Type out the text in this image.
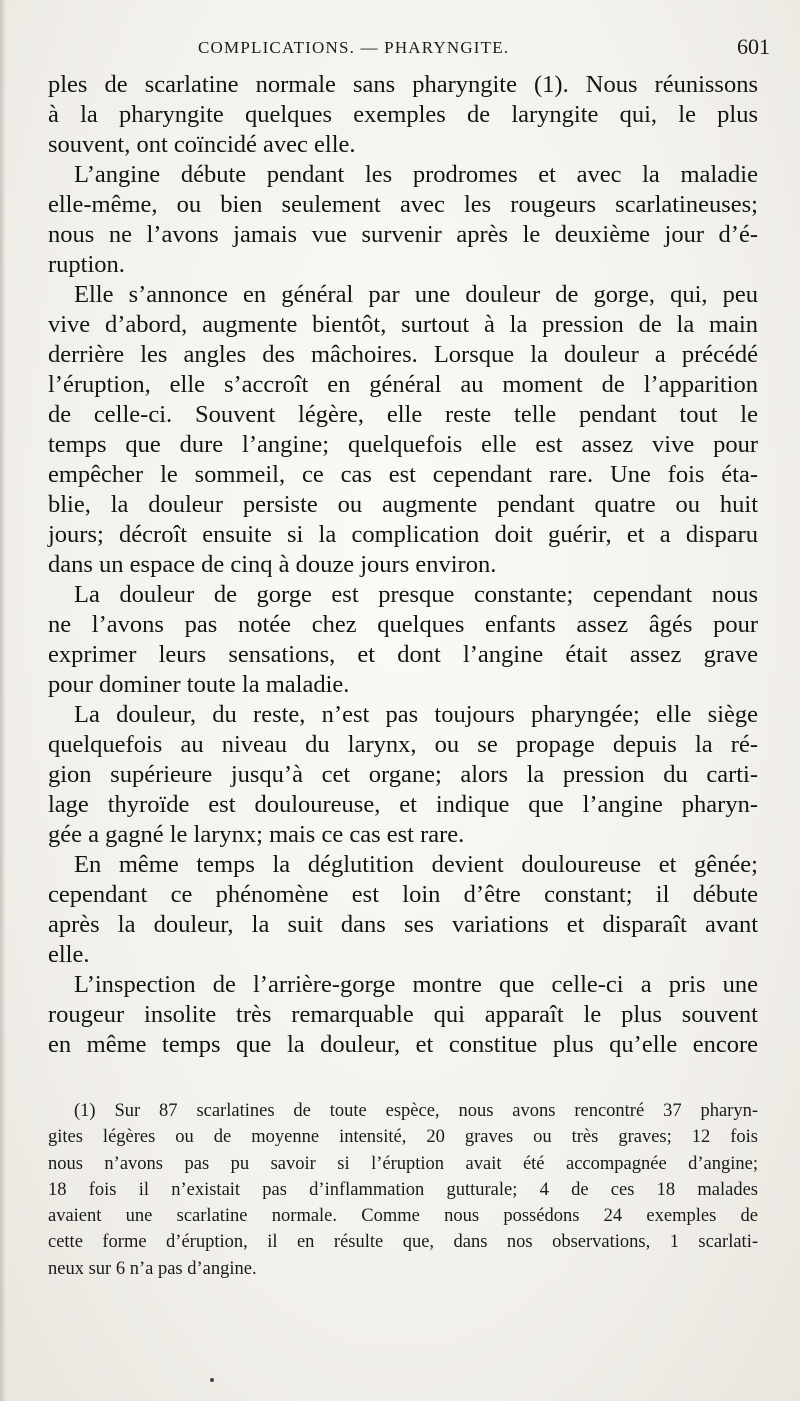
COMPLICATIONS. — PHARYNGITE.	601
ples de scarlatine normale sans pharyngite (1). Nous réunissons
à la pharyngite quelques exemples de laryngite qui, le plus
souvent, ont coïncidé avec elle.
L’angine débute pendant les prodromes et avec la maladie
elle-même, ou bien seulement avec les rougeurs scarlatineuses;
nous ne l’avons jamais vue survenir après le deuxième jour d’é-
ruption.
Elle s’annonce en général par une douleur de gorge, qui, peu
vive d’abord, augmente bientôt, surtout à la pression de la main
derrière les angles des mâchoires. Lorsque la douleur a précédé
l’éruption, elle s’accroît en général au moment de l’apparition
de celle-ci. Souvent légère, elle reste telle pendant tout le
temps que dure l’angine; quelquefois elle est assez vive pour
empêcher le sommeil, ce cas est cependant rare. Une fois éta-
blie, la douleur persiste ou augmente pendant quatre ou huit
jours; décroît ensuite si la complication doit guérir, et a disparu
dans un espace de cinq à douze jours environ.
La douleur de gorge est presque constante; cependant nous
ne l’avons pas notée chez quelques enfants assez âgés pour
exprimer leurs sensations, et dont l’angine était assez grave
pour dominer toute la maladie.
La douleur, du reste, n’est pas toujours pharyngée; elle siège
quelquefois au niveau du larynx, ou se propage depuis la ré-
gion supérieure jusqu’à cet organe; alors la pression du carti-
lage thyroïde est douloureuse, et indique que l’angine pharyn-
gée a gagné le larynx; mais ce cas est rare.
En même temps la déglutition devient douloureuse et gênée;
cependant ce phénomène est loin d’être constant; il débute
après la douleur, la suit dans ses variations et disparaît avant
elle.
L’inspection de l’arrière-gorge montre que celle-ci a pris une
rougeur insolite très remarquable qui apparaît le plus souvent
en même temps que la douleur, et constitue plus qu’elle encore
(1) Sur 87 scarlatines de toute espèce, nous avons rencontré 37 pharyn-
gites légères ou de moyenne intensité, 20 graves ou très graves; 12 fois
nous n’avons pas pu savoir si l’éruption avait été accompagnée d’angine;
18 fois il n’existait pas d’inflammation gutturale; 4 de ces 18 malades
avaient une scarlatine normale. Comme nous possédons 24 exemples de
cette forme d’éruption, il en résulte que, dans nos observations, 1 scarlati-
neux sur 6 n’a pas d’angine.
